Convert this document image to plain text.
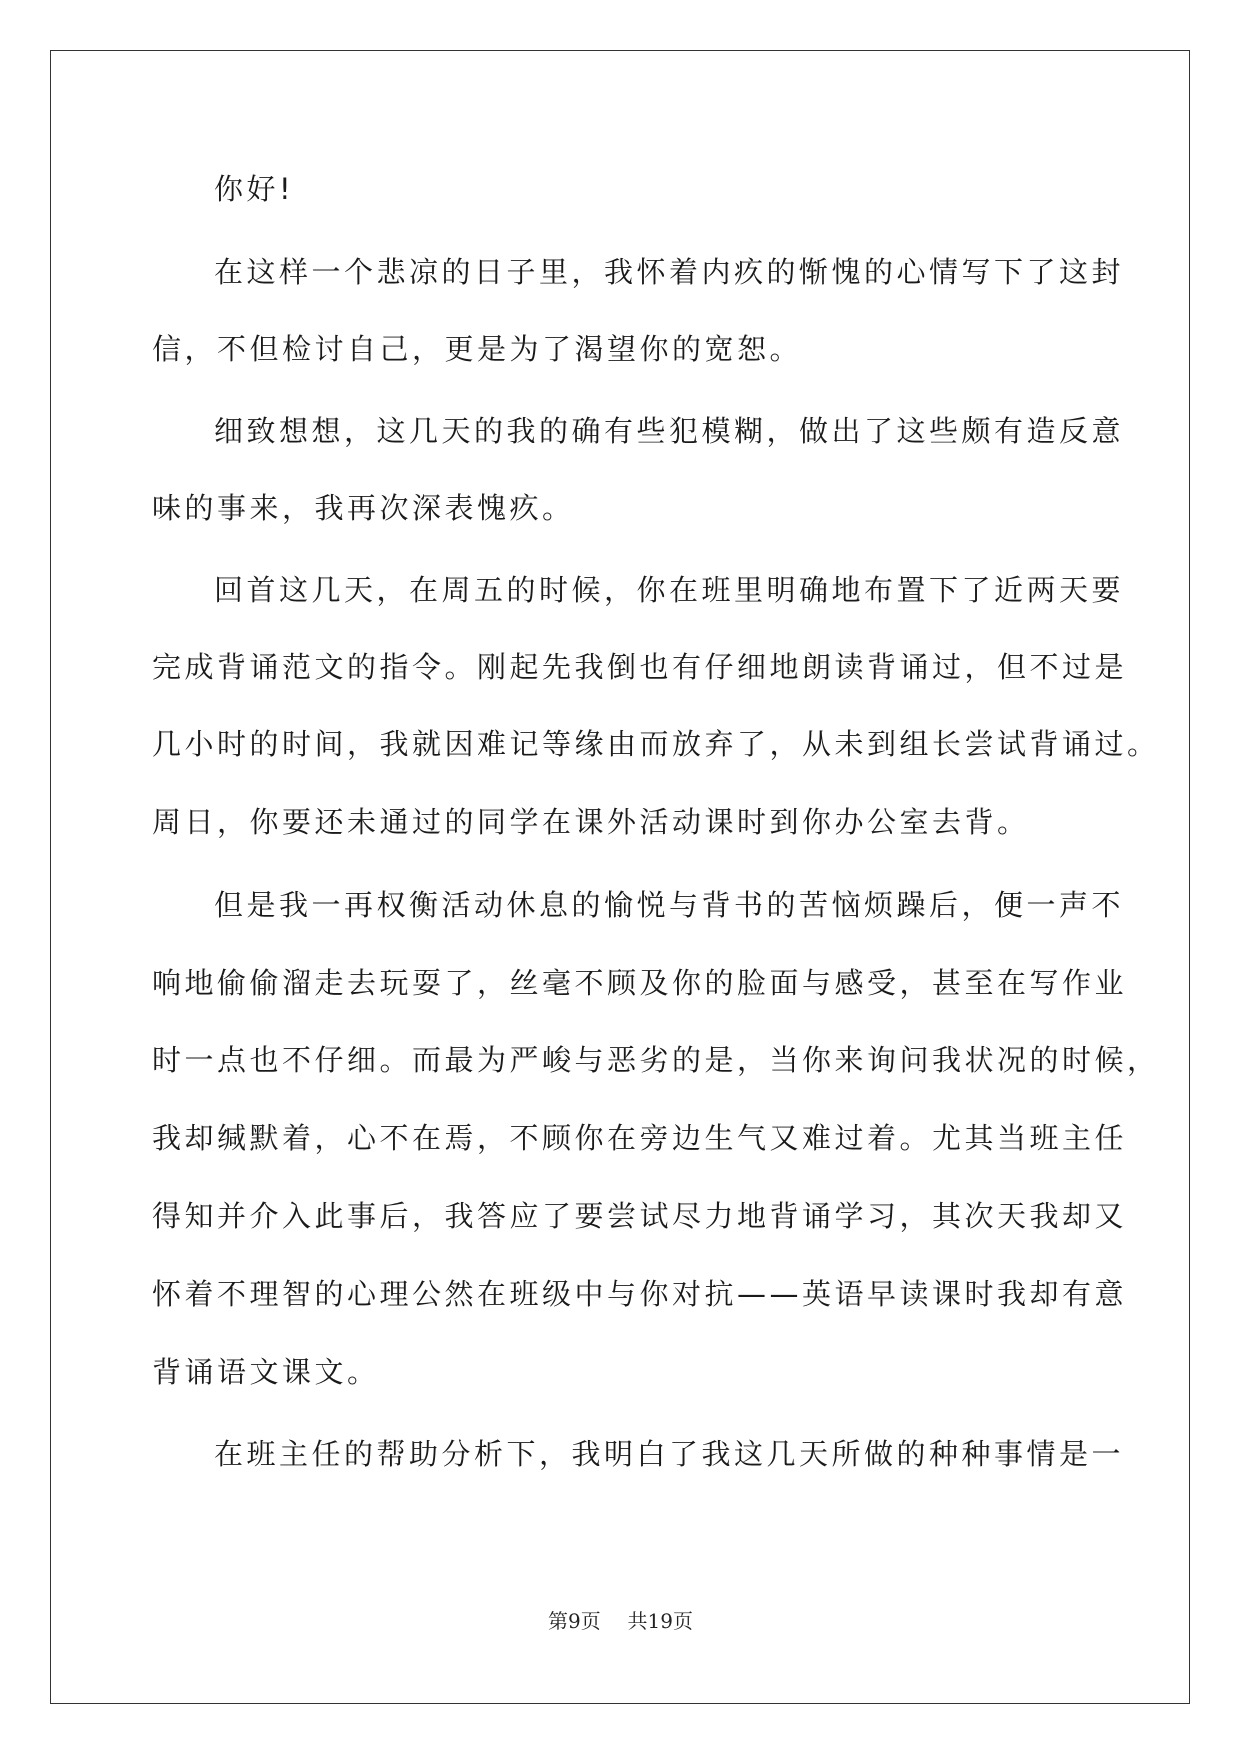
你好!
在这样一个悲凉的日子里，我怀着内疚的惭愧的心情写下了这封
信，不但检讨自己，更是为了渴望你的宽恕。
细致想想，这几天的我的确有些犯模糊，做出了这些颇有造反意
味的事来，我再次深表愧疚。
回首这几天，在周五的时候，你在班里明确地布置下了近两天要
完成背诵范文的指令。刚起先我倒也有仔细地朗读背诵过，但不过是
几小时的时间，我就因难记等缘由而放弃了，从未到组长尝试背诵过。
周日，你要还未通过的同学在课外活动课时到你办公室去背。
但是我一再权衡活动休息的愉悦与背书的苦恼烦躁后，便一声不
响地偷偷溜走去玩耍了，丝毫不顾及你的脸面与感受，甚至在写作业
时一点也不仔细。而最为严峻与恶劣的是，当你来询问我状况的时候，
我却缄默着，心不在焉，不顾你在旁边生气又难过着。尤其当班主任
得知并介入此事后，我答应了要尝试尽力地背诵学习，其次天我却又
怀着不理智的心理公然在班级中与你对抗——英语早读课时我却有意
背诵语文课文。
在班主任的帮助分析下，我明白了我这几天所做的种种事情是一
第9页 共19页
